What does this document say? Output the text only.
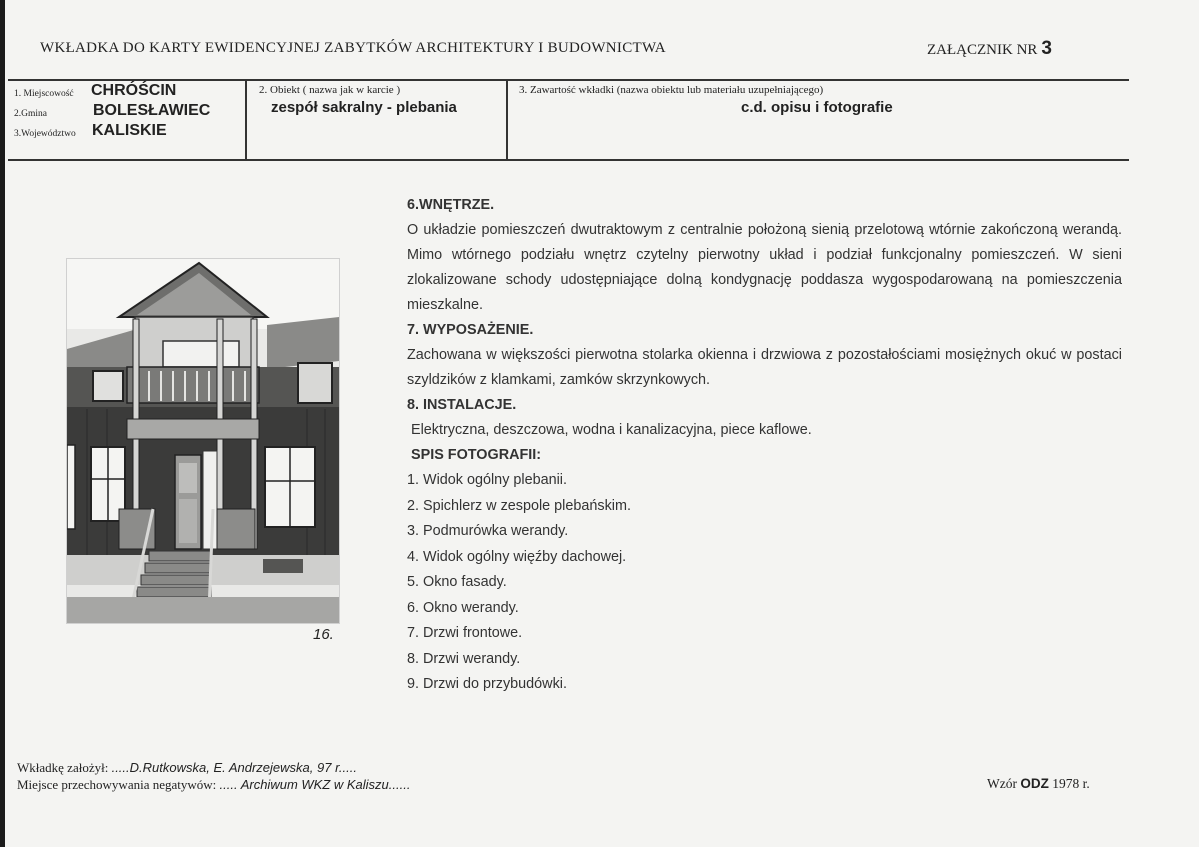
WKŁADKA DO KARTY EWIDENCYJNEJ ZABYTKÓW ARCHITEKTURY I BUDOWNICTWA	ZAŁĄCZNIK NR 3
1. Miejscowość CHRÓŚCIN
2.Gmina	BOLESŁAWIEC
3.Województwo KALISKIE
2. Obiekt ( nazwa jak w karcie )
zespół sakralny - plebania
3. Zawartość wkładki (nazwa obiektu lub materiału uzupełniającego)
c.d. opisu i fotografie
16.
6.WNĘTRZE.

O układzie pomieszczeń dwutraktowym z centralnie położoną sienią przelotową wtórnie zakończoną werandą. Mimo wtórnego podziału wnętrz czytelny pierwotny układ i podział funkcjonalny pomieszczeń. W sieni zlokalizowane schody udostępniające dolną kondygnację poddasza wygospodarowaną na pomieszczenia mieszkalne.

7. WYPOSAŻENIE.

Zachowana w większości pierwotna stolarka okienna i drzwiowa z pozostałościami mosiężnych okuć w postaci szyldzików z klamkami, zamków skrzynkowych.

8. INSTALACJE.

Elektryczna, deszczowa, wodna i kanalizacyjna, piece kaflowe.

SPIS FOTOGRAFII:
1. Widok ogólny plebanii.
2. Spichlerz w zespole plebańskim.
3. Podmurówka werandy.
4. Widok ogólny więźby dachowej.
5. Okno fasady.
6. Okno werandy.
7. Drzwi frontowe.
8. Drzwi werandy.
9. Drzwi do przybudówki.
Wkładkę założył: .....D.Rutkowska, E. Andrzejewska, 97 r.....
Miejsce przechowywania negatywów: ..... Archiwum WKZ w Kaliszu......	Wzór ODZ 1978 r.
